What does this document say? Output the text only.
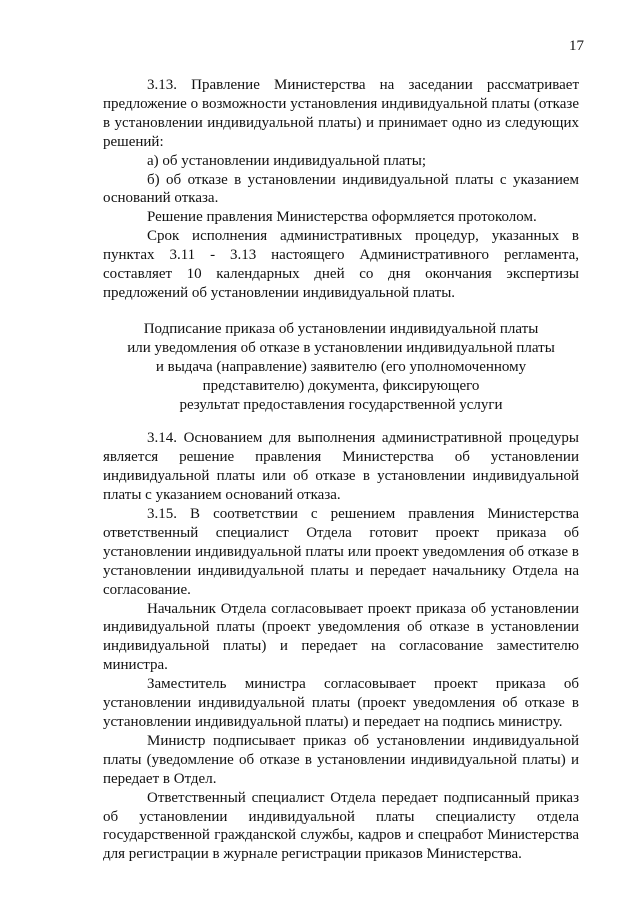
17

3.13. Правление Министерства на заседании рассматривает предложение о возможности установления индивидуальной платы (отказе в установлении индивидуальной платы) и принимает одно из следующих решений:

а) об установлении индивидуальной платы;

б) об отказе в установлении индивидуальной платы с указанием оснований отказа.

Решение правления Министерства оформляется протоколом.

Срок исполнения административных процедур, указанных в пунктах 3.11 - 3.13 настоящего Административного регламента, составляет 10 календарных дней со дня окончания экспертизы предложений об установлении индивидуальной платы.

Подписание приказа об установлении индивидуальной платы
или уведомления об отказе в установлении индивидуальной платы
и выдача (направление) заявителю (его уполномоченному
представителю) документа, фиксирующего
результат предоставления государственной услуги

3.14. Основанием для выполнения административной процедуры является решение правления Министерства об установлении индивидуальной платы или об отказе в установлении индивидуальной платы с указанием оснований отказа.

3.15. В соответствии с решением правления Министерства ответственный специалист Отдела готовит проект приказа об установлении индивидуальной платы или проект уведомления об отказе в установлении индивидуальной платы и передает начальнику Отдела на согласование.

Начальник Отдела согласовывает проект приказа об установлении индивидуальной платы (проект уведомления об отказе в установлении индивидуальной платы) и передает на согласование заместителю министра.

Заместитель министра согласовывает проект приказа об установлении индивидуальной платы (проект уведомления об отказе в установлении индивидуальной платы) и передает на подпись министру.

Министр подписывает приказ об установлении индивидуальной платы (уведомление об отказе в установлении индивидуальной платы) и передает в Отдел.

Ответственный специалист Отдела передает подписанный приказ об установлении индивидуальной платы специалисту отдела государственной гражданской службы, кадров и спецработ Министерства для регистрации в журнале регистрации приказов Министерства.
